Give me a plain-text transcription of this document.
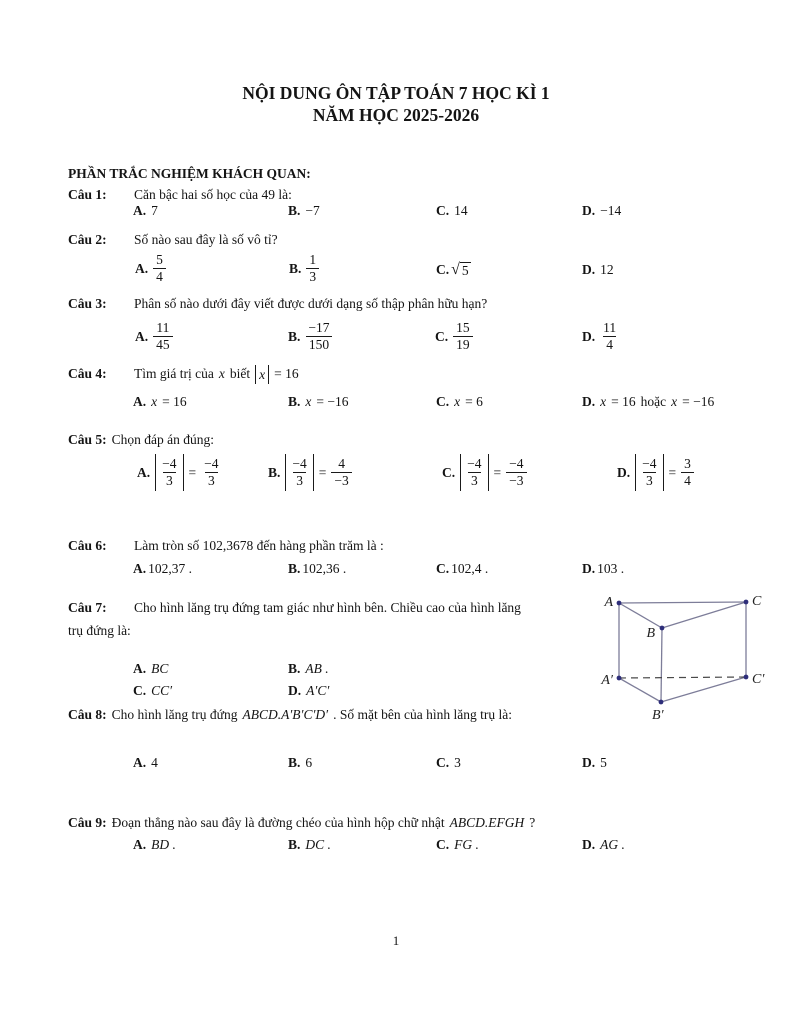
NỘI DUNG ÔN TẬP TOÁN 7 HỌC KÌ 1
NĂM HỌC 2025-2026
PHẦN TRẮC NGHIỆM KHÁCH QUAN:
Câu 1: Căn bậc hai số học của 49 là:
A. 7	B. −7	C. 14	D. −14
Câu 2: Số nào sau đây là số vô tỉ?
A. $\frac{5}{4}$	B. $\frac{1}{3}$	C. √ 5	D. 12
Câu 3: Phân số nào dưới đây viết được dưới dạng số thập phân hữu hạn?
A. $\frac{11}{45}$	B. $\frac{-17}{150}$	C. $\frac{15}{19}$	D. $\frac{11}{4}$
Câu 4: Tìm giá trị của x biết x = 16
A. x = 16	B. x = −16	C. x = 6	D. x = 16 hoặc x = −16
Câu 5: Chọn đáp án đúng:
A. $\frac{-4}{3} = \frac{-4}{3}$	B. $\frac{-4}{3} = \frac{4}{-3}$	C. $\frac{-4}{3} = \frac{-4}{-3}$	D. $\frac{-4}{3} = \frac{3}{4}$
Câu 6: Làm tròn số 102,3678 đến hàng phần trăm là :
A. 102,37 .	B. 102,36 .	C. 102,4 .	D. 103 .
Câu 7: Cho hình lăng trụ đứng tam giác như hình bên. Chiều cao của hình lăng
trụ đứng là:
A. BC	B. AB .
C. CC′	D. A′C′
A	C
B
A′	C′
B′
Câu 8: Cho hình lăng trụ đứng ABCD.A′B′C′D′ . Số mặt bên của hình lăng trụ là:
A. 4	B. 6	C. 3	D. 5
Câu 9: Đoạn thẳng nào sau đây là đường chéo của hình hộp chữ nhật ABCD.EFGH ?
A. BD .	B. DC .	C. FG .	D. AG .
1
